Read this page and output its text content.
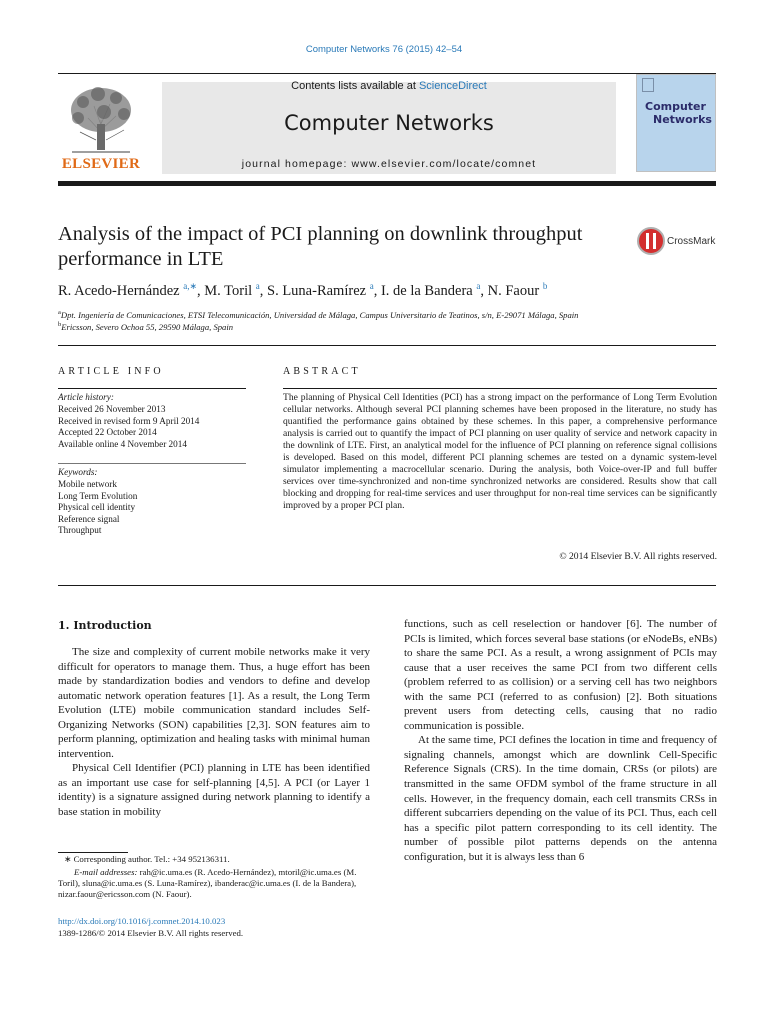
Computer Networks 76 (2015) 42–54
ELSEVIER
Contents lists available at ScienceDirect
Computer Networks
journal homepage: www.elsevier.com/locate/comnet
Computer
Networks
Analysis of the impact of PCI planning on downlink throughput performance in LTE
CrossMark
R. Acedo-Hernández $^{a,∗}$, M. Toril $^a$, S. Luna-Ramírez $^a$, I. de la Bandera $^a$, N. Faour $^b$
$^a$Dpt. Ingeniería de Comunicaciones, ETSI Telecomunicación, Universidad de Málaga, Campus Universitario de Teatinos, s/n, E-29071 Málaga, Spain
$^b$Ericsson, Severo Ochoa 55, 29590 Málaga, Spain
ARTICLE INFO
Article history:
Received 26 November 2013
Received in revised form 9 April 2014
Accepted 22 October 2014
Available online 4 November 2014
Keywords:
Mobile network
Long Term Evolution
Physical cell identity
Reference signal
Throughput
ABSTRACT
The planning of Physical Cell Identities (PCI) has a strong impact on the performance of Long Term Evolution cellular networks. Although several PCI planning schemes have been proposed in the literature, no study has quantified the performance gains obtained by these schemes. In this paper, a comprehensive performance analysis is carried out to quantify the impact of PCI planning on user quality of service and network capacity in the downlink of LTE. First, an analytical model for the influence of PCI planning on reference signal collisions is developed. Based on this model, different PCI planning schemes are tested on a dynamic system-level simulator implementing a macrocellular scenario. During the analysis, both Voice-over-IP and full buffer services over time-synchronized and non-time synchronized networks are considered. Results show that call blocking and dropping for real-time services and user throughput for non-real time services can be significantly improved by a proper PCI plan.
© 2014 Elsevier B.V. All rights reserved.
1. Introduction

The size and complexity of current mobile networks make it very difficult for operators to manage them. Thus, a huge effort has been made by standardization bodies and vendors to define and develop automatic network operation features [1]. As a result, the Long Term Evolution (LTE) mobile communication standard includes Self-Organizing Networks (SON) capabilities [2,3]. SON features aim to perform planning, optimization and healing tasks with minimal human intervention.

Physical Cell Identifier (PCI) planning in LTE has been identified as an important use case for self-planning [4,5]. A PCI (or Layer 1 identity) is a signature assigned during network planning to identify a base station in mobility

functions, such as cell reselection or handover [6]. The number of PCIs is limited, which forces several base stations (or eNodeBs, eNBs) to share the same PCI. As a result, a wrong assignment of PCIs may cause that a user receives the same PCI from two different cells (problem referred to as collision) or a serving cell has two neighbors with the same PCI (referred to as confusion) [2]. Both situations prevent users from detecting cells, causing that no radio communication is possible.

At the same time, PCI defines the location in time and frequency of signaling channels, amongst which are downlink Cell-Specific Reference Signals (CRS). In the time domain, CRSs (or pilots) are transmitted in the same OFDM symbol of the frame structure in all cells. However, in the frequency domain, each cell transmits CRSs in different subcarriers depending on the value of its PCI. Thus, each cell has a specific pilot pattern corresponding to its cell identity. The number of possible pilot patterns depends on the antenna configuration, but it is always less than 6

∗ Corresponding author. Tel.: +34 952136311.
E-mail addresses: rah@ic.uma.es (R. Acedo-Hernández), mtoril@ic.uma.es (M. Toril), sluna@ic.uma.es (S. Luna-Ramírez), ibanderac@ic.uma.es (I. de la Bandera), nizar.faour@ericsson.com (N. Faour).
http://dx.doi.org/10.1016/j.comnet.2014.10.023
1389-1286/© 2014 Elsevier B.V. All rights reserved.
